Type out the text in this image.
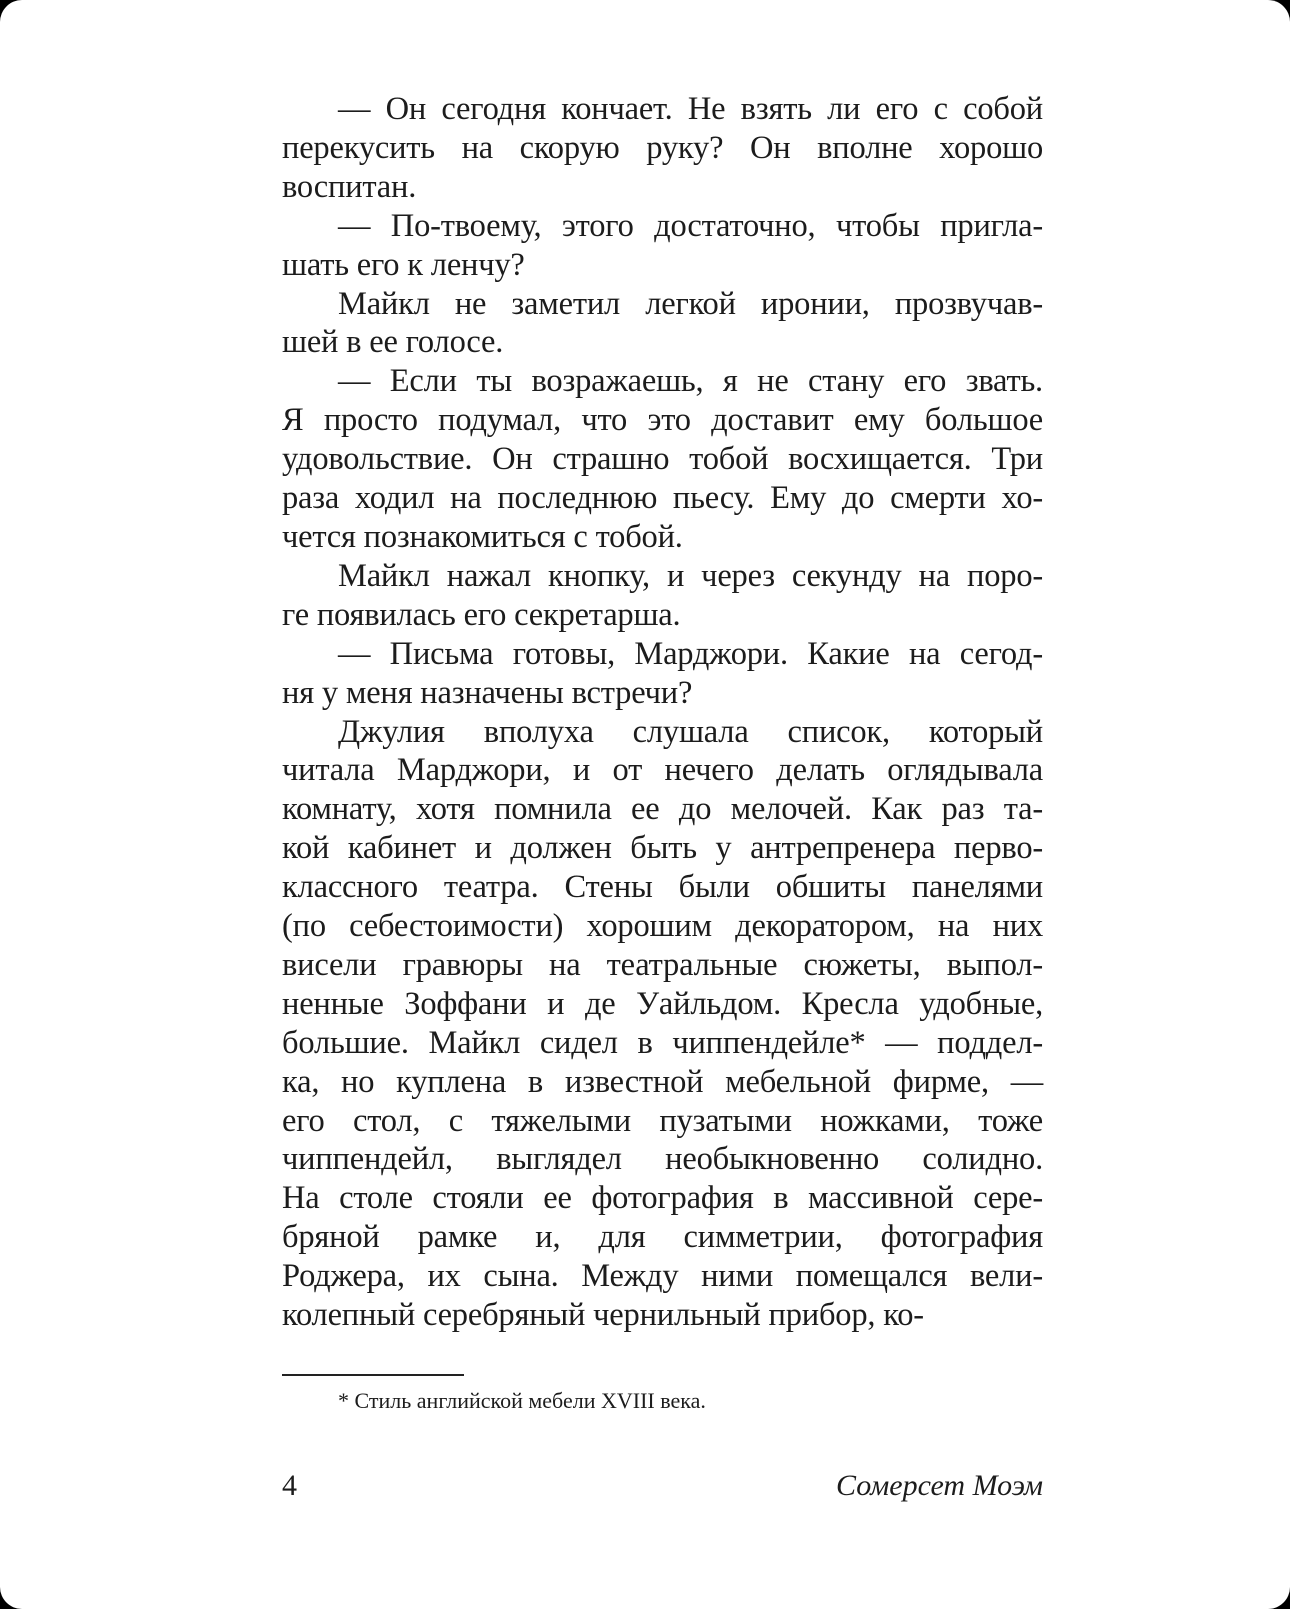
— Он сегодня кончает. Не взять ли его с собой
перекусить на скорую руку? Он вполне хорошо
воспитан.
— По-твоему, этого достаточно, чтобы пригла-
шать его к ленчу?
Майкл не заметил легкой иронии, прозвучав-
шей в ее голосе.
— Если ты возражаешь, я не стану его звать.
Я просто подумал, что это доставит ему большое
удовольствие. Он страшно тобой восхищается. Три
раза ходил на последнюю пьесу. Ему до смерти хо-
чется познакомиться с тобой.
Майкл нажал кнопку, и через секунду на поро-
ге появилась его секретарша.
— Письма готовы, Марджори. Какие на сегод-
ня у меня назначены встречи?
Джулия вполуха слушала список, который
читала Марджори, и от нечего делать оглядывала
комнату, хотя помнила ее до мелочей. Как раз та-
кой кабинет и должен быть у антрепренера перво-
классного театра. Стены были обшиты панелями
(по себестоимости) хорошим декоратором, на них
висели гравюры на театральные сюжеты, выпол-
ненные Зоффани и де Уайльдом. Кресла удобные,
большие. Майкл сидел в чиппендейле* — поддел-
ка, но куплена в известной мебельной фирме, —
его стол, с тяжелыми пузатыми ножками, тоже
чиппендейл, выглядел необыкновенно солидно.
На столе стояли ее фотография в массивной сере-
бряной рамке и, для симметрии, фотография
Роджера, их сына. Между ними помещался вели-
колепный серебряный чернильный прибор, ко-
* Стиль английской мебели XVIII века.
4	Сомерсет Моэм
